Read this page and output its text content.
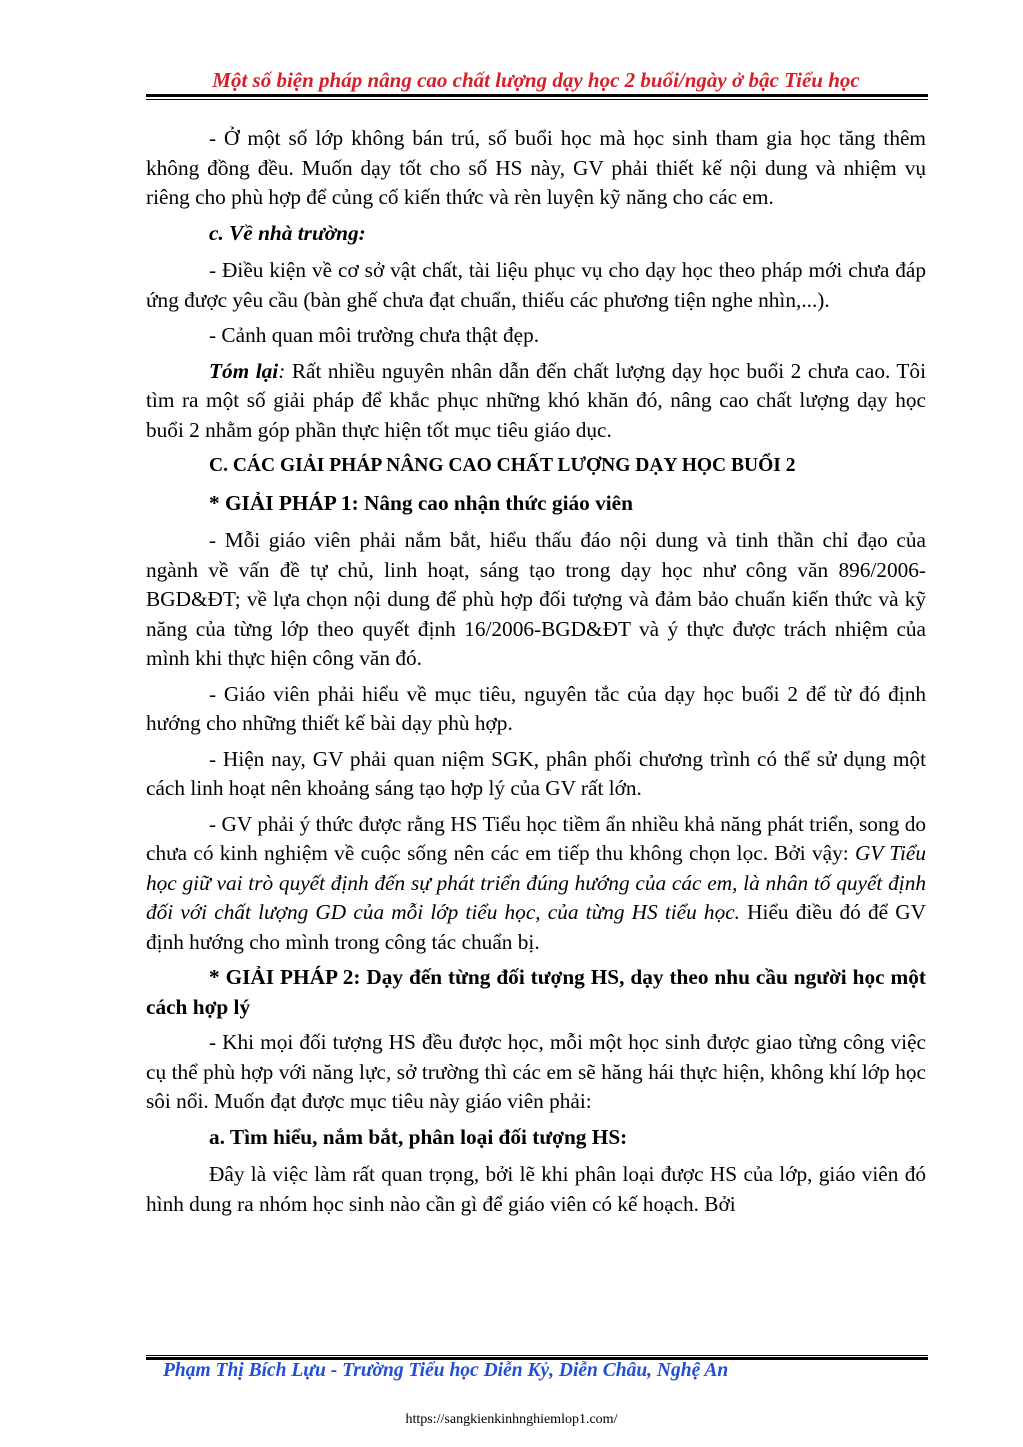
Một số biện pháp nâng cao chất lượng dạy học 2 buổi/ngày ở bậc Tiểu học

- Ở một số lớp không bán trú, số buổi học mà học sinh tham gia học tăng thêm không đồng đều. Muốn dạy tốt cho số HS này, GV phải thiết kế nội dung và nhiệm vụ riêng cho phù hợp để củng cố kiến thức và rèn luyện kỹ năng cho các em.

c. Về nhà trường:

- Điều kiện về cơ sở vật chất, tài liệu phục vụ cho dạy học theo pháp mới chưa đáp ứng được yêu cầu (bàn ghế chưa đạt chuẩn, thiếu các phương tiện nghe nhìn,...).

- Cảnh quan môi trường chưa thật đẹp.

Tóm lại: Rất nhiều nguyên nhân dẫn đến chất lượng dạy học buổi 2 chưa cao. Tôi tìm ra một số giải pháp để khắc phục những khó khăn đó, nâng cao chất lượng dạy học buổi 2 nhằm góp phần thực hiện tốt mục tiêu giáo dục.

C. CÁC GIẢI PHÁP NÂNG CAO CHẤT LƯỢNG DẠY HỌC BUỔI 2

* GIẢI PHÁP 1: Nâng cao nhận thức giáo viên

- Mỗi giáo viên phải nắm bắt, hiểu thấu đáo nội dung và tinh thần chỉ đạo của ngành về vấn đề tự chủ, linh hoạt, sáng tạo trong dạy học như công văn 896/2006-BGD&ĐT; về lựa chọn nội dung để phù hợp đối tượng và đảm bảo chuẩn kiến thức và kỹ năng của từng lớp theo quyết định 16/2006-BGD&ĐT và ý thực được trách nhiệm của mình khi thực hiện công văn đó.

- Giáo viên phải hiểu về mục tiêu, nguyên tắc của dạy học buổi 2 để từ đó định hướng cho những thiết kế bài dạy phù hợp.

- Hiện nay, GV phải quan niệm SGK, phân phối chương trình có thể sử dụng một cách linh hoạt nên khoảng sáng tạo hợp lý của GV rất lớn.

- GV phải ý thức được rằng HS Tiểu học tiềm ẩn nhiều khả năng phát triển, song do chưa có kinh nghiệm về cuộc sống nên các em tiếp thu không chọn lọc. Bởi vậy: GV Tiểu học giữ vai trò quyết định đến sự phát triển đúng hướng của các em, là nhân tố quyết định đối với chất lượng GD của mỗi lớp tiểu học, của từng HS tiểu học. Hiểu điều đó để GV định hướng cho mình trong công tác chuẩn bị.

* GIẢI PHÁP 2: Dạy đến từng đối tượng HS, dạy theo nhu cầu người học một cách hợp lý

- Khi mọi đối tượng HS đều được học, mỗi một học sinh được giao từng công việc cụ thể phù hợp với năng lực, sở trường thì các em sẽ hăng hái thực hiện, không khí lớp học sôi nổi. Muốn đạt được mục tiêu này giáo viên phải:

a. Tìm hiểu, nắm bắt, phân loại đối tượng HS:

Đây là việc làm rất quan trọng, bởi lẽ khi phân loại được HS của lớp, giáo viên đó hình dung ra nhóm học sinh nào cần gì để giáo viên có kế hoạch. Bởi

Phạm Thị Bích Lựu - Trường Tiểu học Diễn Kỷ, Diễn Châu, Nghệ An
https://sangkienkinhnghiemlop1.com/
